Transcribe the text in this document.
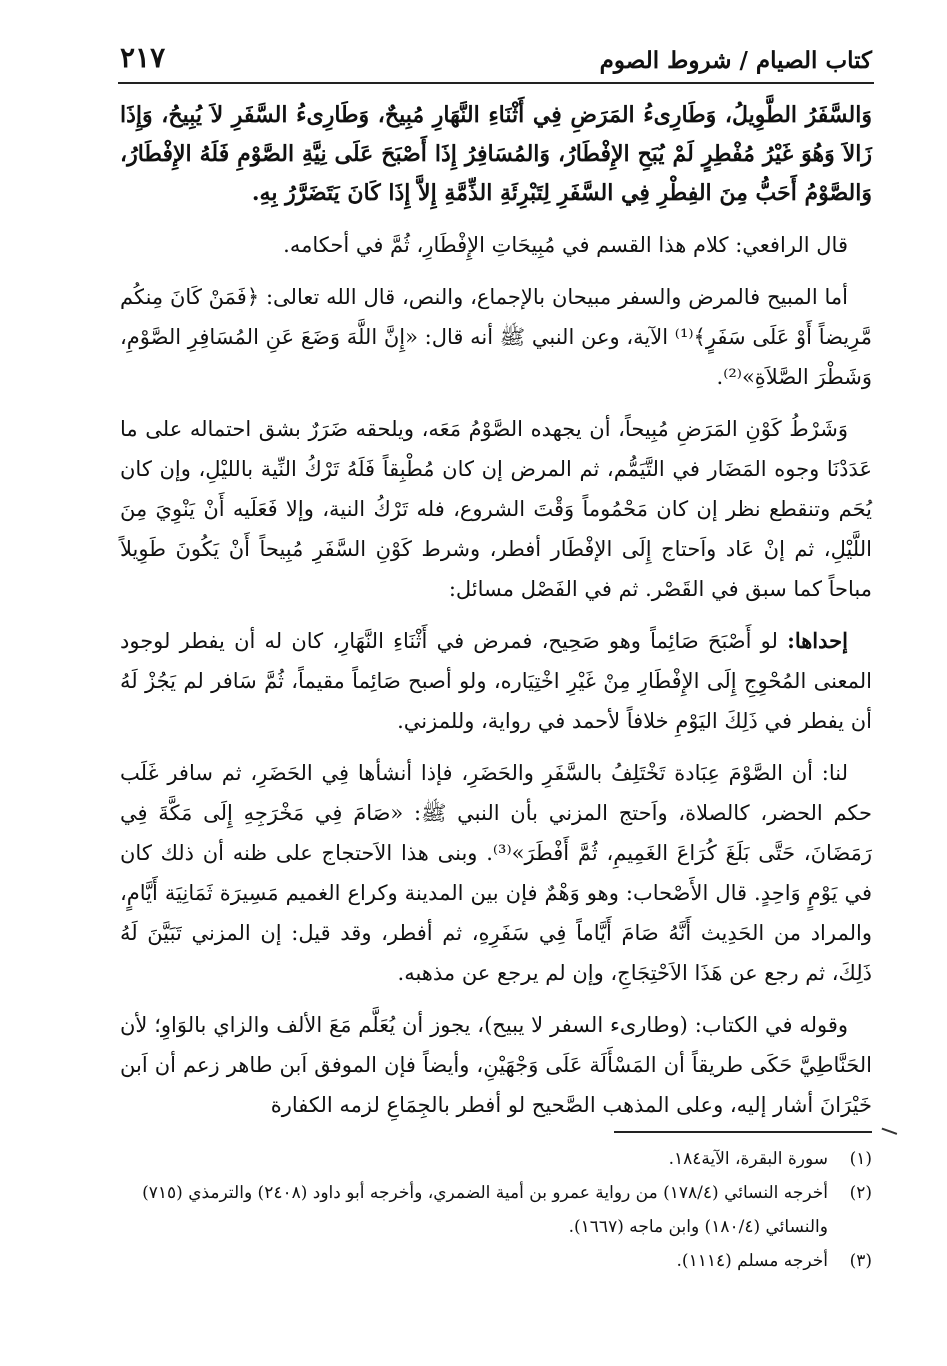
٢١٧	كتاب الصيام / شروط الصوم

وَالسَّفَرُ الطَّوِيلُ، وَطَارِىءُ المَرَضِ فِي أَثْنَاءِ النَّهَارِ مُبِيحٌ، وَطَارِىءُ السَّفَرِ لاَ يُبِيحُ، وَإِذَا زَالاَ وَهُوَ غَيْرُ مُفْطِرٍ لَمْ يُبَحِ الإِفْطَارُ، وَالمُسَافِرُ إِذَا أَصْبَحَ عَلَى نِيَّةِ الصَّوْمِ فَلَهُ الإِفْطَارُ، وَالصَّوْمُ أَحَبُّ مِنَ الفِطْرِ فِي السَّفَرِ لِتَبْرِئَةِ الذِّمَّةِ إِلاَّ إِذَا كَانَ يَتَضَرَّرُ بِهِ.

قال الرافعي: كلام هذا القسم في مُبِيحَاتِ الإِفْطَارِ، ثُمَّ في أحكامه.

أما المبيح فالمرض والسفر مبيحان بالإجماع، والنص، قال الله تعالى: ﴿فَمَنْ كَانَ مِنكُم مَّرِيضاً أَوْ عَلَى سَفَرٍ﴾⁽¹⁾ الآية، وعن النبي ﷺ أنه قال: «إِنَّ اللَّهَ وَضَعَ عَنِ المُسَافِرِ الصَّوْمِ، وَشَطْرَ الصَّلاَةِ»⁽²⁾.

وَشَرْطُ كَوْنِ المَرَضِ مُبِيحاً، أن يجهده الصَّوْمُ مَعَه، ويلحقه ضَرَرٌ بشق احتماله على ما عَدَدْنَا وجوه المَضَار في التَّيَمُّم، ثم المرض إن كان مُطْبِقاً فَلَهُ تَرْكُ النِّية بالليْلِ، وإن كان يُحَم وتنقطع نظر إن كان مَحْمُوماً وَقْتَ الشروع، فله تَرْكُ النية، وإلا فَعَلَيه أَنْ يَنْوِيَ مِنَ اللَّيْلِ، ثم إنْ عَاد واَحتاج إِلَى الإفْطَار أفطر، وشرط كَوْنِ السَّفَرِ مُبِيحاً أَنْ يَكُونَ طَوِيلاً مباحاً كما سبق في القَصْر. ثم في الفَصْل مسائل:

إحداها: لو أَصْبَحَ صَائِماً وهو صَحِيح، فمرض في أَثْنَاءِ النَّهَارِ، كان له أن يفطر لوجود المعنى المُحْوِجِ إِلَى الإِفْطَارِ مِنْ غَيْرِ اخْتِيَاره، ولو أصبح صَائِماً مقيماً، ثُمَّ سَافر لم يَجُزْ لَهُ أن يفطر في ذَلِكَ اليَوْمِ خلافاً لأحمد في رواية، وللمزني.

لنا: أن الصَّوْمَ عِبَادة تَخْتَلِفُ بالسَّفَرِ والحَضَرِ، فإذا أنشأها فِي الحَضَرِ، ثم سافر غَلَب حكم الحضر، كالصلاة، واَحتج المزني بأن النبي ﷺ: «صَامَ فِي مَخْرَجِهِ إِلَى مَكَّةَ فِي رَمَضَانَ، حَتَّى بَلَغَ كُرَاعَ الغَمِيمِ، ثُمَّ أَفْطَرَ»⁽³⁾. وبنى هذا الاَحتجاج على ظنه أن ذلك كان في يَوْمٍ وَاحِدٍ. قال الأَصْحاب: وهو وَهْمٌ فإن بين المدينة وكراع الغميم مَسِيرَة ثَمَانِيَة أَيَّامٍ، والمراد من الحَدِيث أَنَّهُ صَامَ أَيَّاماً فِي سَفَرِهِ، ثم أفطر، وقد قيل: إن المزني تَبَيَّنَ لَهُ ذَلِكَ، ثم رجع عن هَذَا الاَحْتِجَاجِ، وإن لم يرجع عن مذهبه.

وقوله في الكتاب: (وطارىء السفر لا يبيح)، يجوز أن يُعَلَّم مَعَ الألف والزاي بالوَاوِ؛ لأن الحَنَّاطِيَّ حَكَى طريقاً أن المَسْأَلَة عَلَى وَجْهَيْنِ، وأيضاً فإن الموفق اَبن طاهر زعم أن اَبن خَيْرَانَ أشار إليه، وعلى المذهب الصَّحيح لو أفطر بالجِمَاعِ لزمه الكفارة

(١)
سورة البقرة، الآية١٨٤.
(٢)
أخرجه النسائي (١٧٨/٤) من رواية عمرو بن أمية الضمري، وأخرجه أبو داود (٢٤٠٨) والترمذي (٧١٥) والنسائي (١٨٠/٤) وابن ماجه (١٦٦٧).
(٣)
أخرجه مسلم (١١١٤).
